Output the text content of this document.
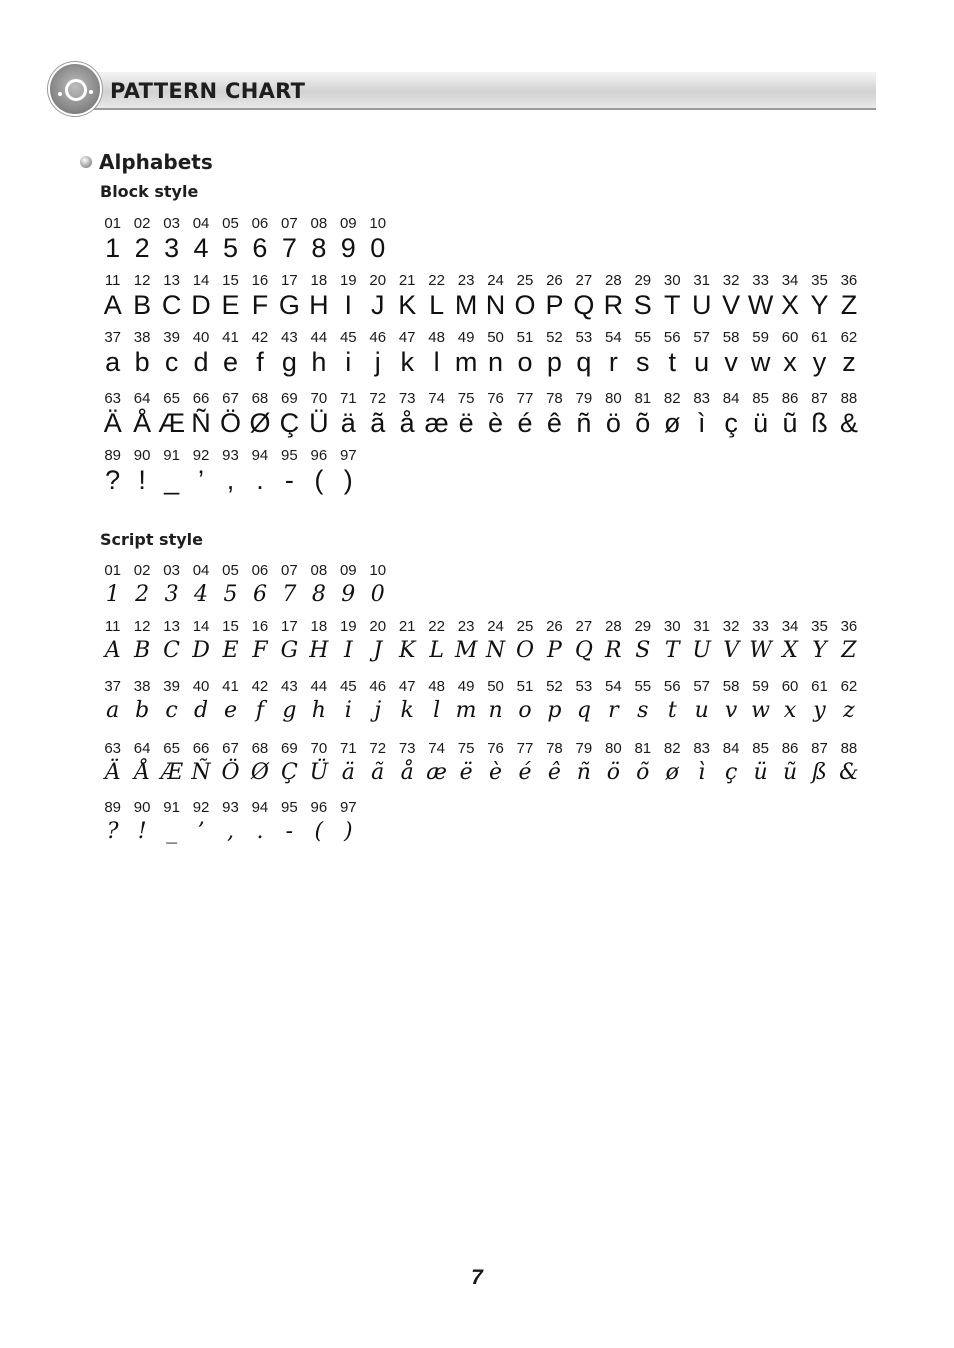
PATTERN CHART
Alphabets
Block style
01
1
02
2
03
3
04
4
05
5
06
6
07
7
08
8
09
9
10
0
11
A
12
B
13
C
14
D
15
E
16
F
17
G
18
H
19
I
20
J
21
K
22
L
23
M
24
N
25
O
26
P
27
Q
28
R
29
S
30
T
31
U
32
V
33
W
34
X
35
Y
36
Z
37
a
38
b
39
c
40
d
41
e
42
f
43
g
44
h
45
i
46
j
47
k
48
l
49
m
50
n
51
o
52
p
53
q
54
r
55
s
56
t
57
u
58
v
59
w
60
x
61
y
62
z
63
Ä
64
Å
65
Æ
66
Ñ
67
Ö
68
Ø
69
Ç
70
Ü
71
ä
72
ã
73
å
74
æ
75
ë
76
è
77
é
78
ê
79
ñ
80
ö
81
õ
82
ø
83
ì
84
ç
85
ü
86
ũ
87
ß
88
&
89
?
90
!
91
_
92
’
93
,
94
.
95
-
96
(
97
)
Script style
01
1
02
2
03
3
04
4
05
5
06
6
07
7
08
8
09
9
10
0
11
A
12
B
13
C
14
D
15
E
16
F
17
G
18
H
19
I
20
J
21
K
22
L
23
M
24
N
25
O
26
P
27
Q
28
R
29
S
30
T
31
U
32
V
33
W
34
X
35
Y
36
Z
37
a
38
b
39
c
40
d
41
e
42
f
43
g
44
h
45
i
46
j
47
k
48
l
49
m
50
n
51
o
52
p
53
q
54
r
55
s
56
t
57
u
58
v
59
w
60
x
61
y
62
z
63
Ä
64
Å
65
Æ
66
Ñ
67
Ö
68
Ø
69
Ç
70
Ü
71
ä
72
ã
73
å
74
æ
75
ë
76
è
77
é
78
ê
79
ñ
80
ö
81
õ
82
ø
83
ì
84
ç
85
ü
86
ũ
87
ß
88
&
89
?
90
!
91
_
92
’
93
,
94
.
95
-
96
(
97
)
7
